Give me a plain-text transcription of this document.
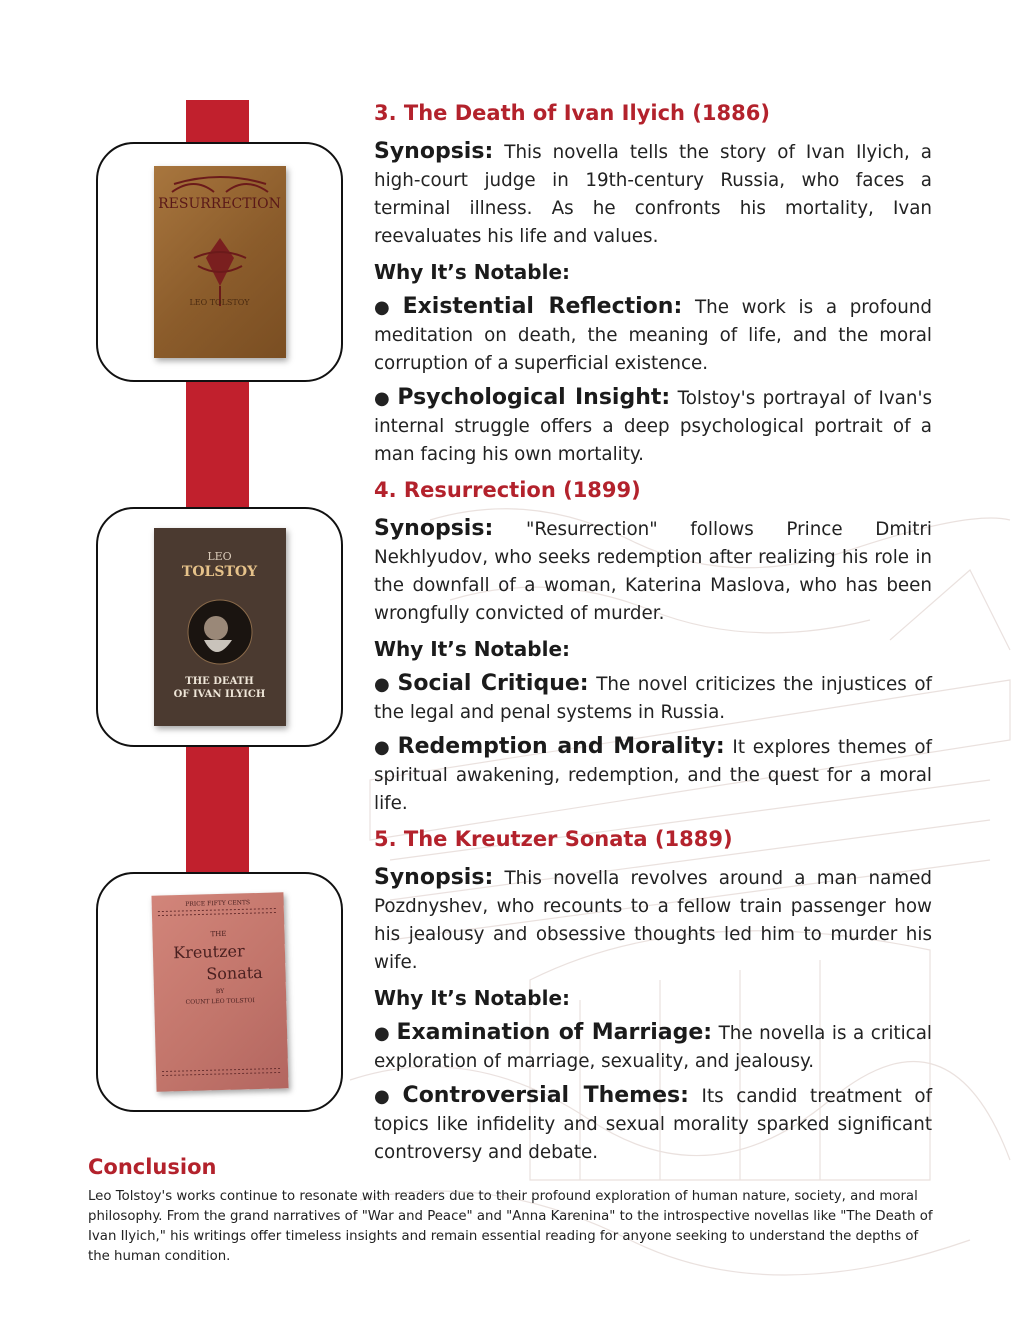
RESURRECTION
LEO TOLSTOY
LEO
TOLSTOY
THE DEATH
OF IVAN ILYICH
PRICE FIFTY CENTS
THE
Kreutzer
Sonata
BY
COUNT LEO TOLSTOI
3. The Death of Ivan Ilyich (1886)

Synopsis: This novella tells the story of Ivan Ilyich, a high-court judge in 19th-century Russia, who faces a terminal illness. As he confronts his mortality, Ivan reevaluates his life and values.

Why It’s Notable:

● Existential Reflection: The work is a profound meditation on death, the meaning of life, and the moral corruption of a superficial existence.

● Psychological Insight: Tolstoy's portrayal of Ivan's internal struggle offers a deep psychological portrait of a man facing his own mortality.

4. Resurrection (1899)

Synopsis: "Resurrection" follows Prince Dmitri Nekhlyudov, who seeks redemption after realizing his role in the downfall of a woman, Katerina Maslova, who has been wrongfully convicted of murder.

Why It’s Notable:

● Social Critique: The novel criticizes the injustices of the legal and penal systems in Russia.

● Redemption and Morality: It explores themes of spiritual awakening, redemption, and the quest for a moral life.

5. The Kreutzer Sonata (1889)

Synopsis: This novella revolves around a man named Pozdnyshev, who recounts to a fellow train passenger how his jealousy and obsessive thoughts led him to murder his wife.

Why It’s Notable:

● Examination of Marriage: The novella is a critical exploration of marriage, sexuality, and jealousy.

● Controversial Themes: Its candid treatment of topics like infidelity and sexual morality sparked significant controversy and debate.

Conclusion
Leo Tolstoy's works continue to resonate with readers due to their profound exploration of human nature, society, and moral philosophy. From the grand narratives of "War and Peace" and "Anna Karenina" to the introspective novellas like "The Death of Ivan Ilyich," his writings offer timeless insights and remain essential reading for anyone seeking to understand the depths of the human condition.
